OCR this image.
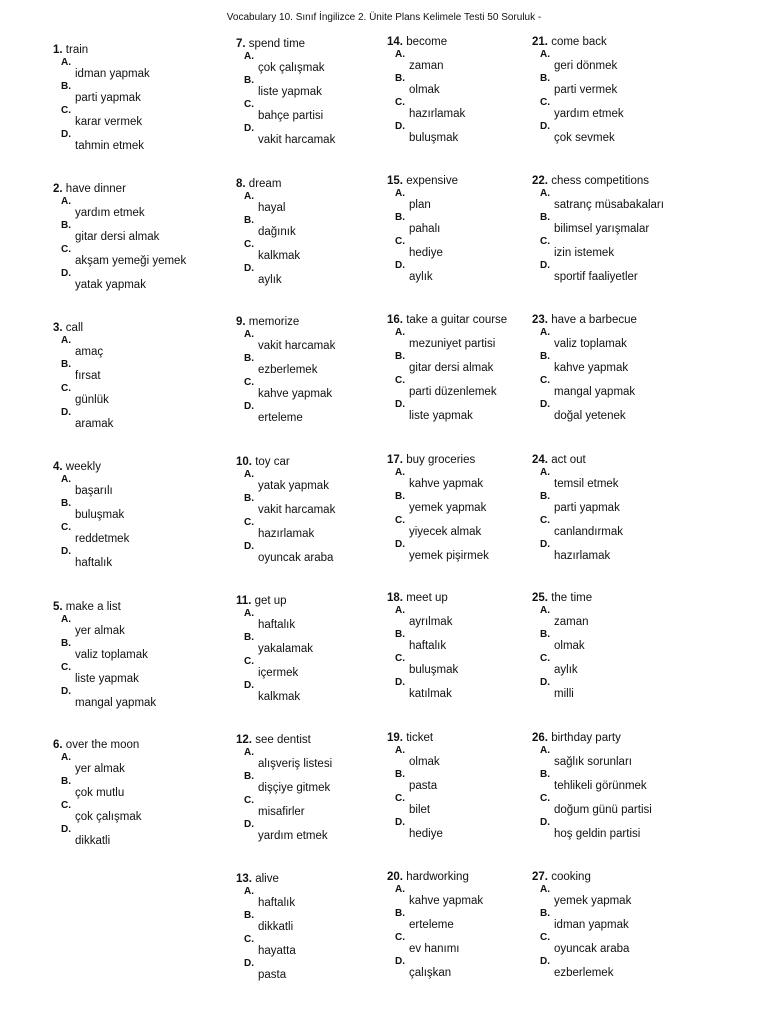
Vocabulary 10. Sınıf İngilizce 2. Ünite Plans Kelimele Testi 50 Soruluk -
1. train
A.
idman yapmak
B.
parti yapmak
C.
karar vermek
D.
tahmin etmek
2. have dinner
A.
yardım etmek
B.
gitar dersi almak
C.
akşam yemeği yemek
D.
yatak yapmak
3. call
A.
amaç
B.
fırsat
C.
günlük
D.
aramak
4. weekly
A.
başarılı
B.
buluşmak
C.
reddetmek
D.
haftalık
5. make a list
A.
yer almak
B.
valiz toplamak
C.
liste yapmak
D.
mangal yapmak
6. over the moon
A.
yer almak
B.
çok mutlu
C.
çok çalışmak
D.
dikkatli
7. spend time
A.
çok çalışmak
B.
liste yapmak
C.
bahçe partisi
D.
vakit harcamak
8. dream
A.
hayal
B.
dağınık
C.
kalkmak
D.
aylık
9. memorize
A.
vakit harcamak
B.
ezberlemek
C.
kahve yapmak
D.
erteleme
10. toy car
A.
yatak yapmak
B.
vakit harcamak
C.
hazırlamak
D.
oyuncak araba
11. get up
A.
haftalık
B.
yakalamak
C.
içermek
D.
kalkmak
12. see dentist
A.
alışveriş listesi
B.
dişçiye gitmek
C.
misafirler
D.
yardım etmek
13. alive
A.
haftalık
B.
dikkatli
C.
hayatta
D.
pasta
14. become
A.
zaman
B.
olmak
C.
hazırlamak
D.
buluşmak
15. expensive
A.
plan
B.
pahalı
C.
hediye
D.
aylık
16. take a guitar course
A.
mezuniyet partisi
B.
gitar dersi almak
C.
parti düzenlemek
D.
liste yapmak
17. buy groceries
A.
kahve yapmak
B.
yemek yapmak
C.
yiyecek almak
D.
yemek pişirmek
18. meet up
A.
ayrılmak
B.
haftalık
C.
buluşmak
D.
katılmak
19. ticket
A.
olmak
B.
pasta
C.
bilet
D.
hediye
20. hardworking
A.
kahve yapmak
B.
erteleme
C.
ev hanımı
D.
çalışkan
21. come back
A.
geri dönmek
B.
parti vermek
C.
yardım etmek
D.
çok sevmek
22. chess competitions
A.
satranç müsabakaları
B.
bilimsel yarışmalar
C.
izin istemek
D.
sportif faaliyetler
23. have a barbecue
A.
valiz toplamak
B.
kahve yapmak
C.
mangal yapmak
D.
doğal yetenek
24. act out
A.
temsil etmek
B.
parti yapmak
C.
canlandırmak
D.
hazırlamak
25. the time
A.
zaman
B.
olmak
C.
aylık
D.
milli
26. birthday party
A.
sağlık sorunları
B.
tehlikeli görünmek
C.
doğum günü partisi
D.
hoş geldin partisi
27. cooking
A.
yemek yapmak
B.
idman yapmak
C.
oyuncak araba
D.
ezberlemek
